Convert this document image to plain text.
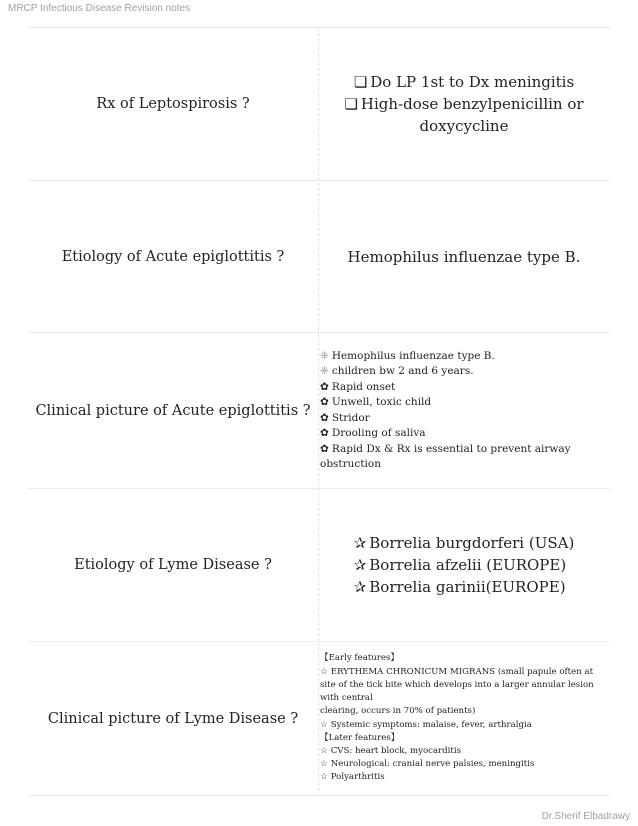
MRCP Infectious Disease Revision notes
Rx of Leptospirosis ?
❏ Do LP 1st to Dx meningitis
❏ High-dose benzylpenicillin or doxycycline
Etiology of Acute epiglottitis ?	Hemophilus influenzae type B.
Clinical picture of Acute epiglottitis ?
❈ Hemophilus influenzae type B.
❈ children bw 2 and 6 years.
✿ Rapid onset
✿ Unwell, toxic child
✿ Stridor
✿ Drooling of saliva
✿ Rapid Dx & Rx is essential to prevent airway obstruction
Etiology of Lyme Disease ?
✰ Borrelia burgdorferi (USA)
✰ Borrelia afzelii (EUROPE)
✰ Borrelia garinii(EUROPE)
Clinical picture of Lyme Disease ?
【Early features】
☆ ERYTHEMA CHRONICUM MIGRANS (small papule often at site of the tick bite which develops into a larger annular lesion with central
clearing, occurs in 70% of patients)
☆ Systemic symptoms: malaise, fever, arthralgia
【Later features】
☆ CVS: heart block, myocarditis
☆ Neurological: cranial nerve palsies, meningitis
☆ Polyarthritis
Dr.Sherif Elbadrawy
